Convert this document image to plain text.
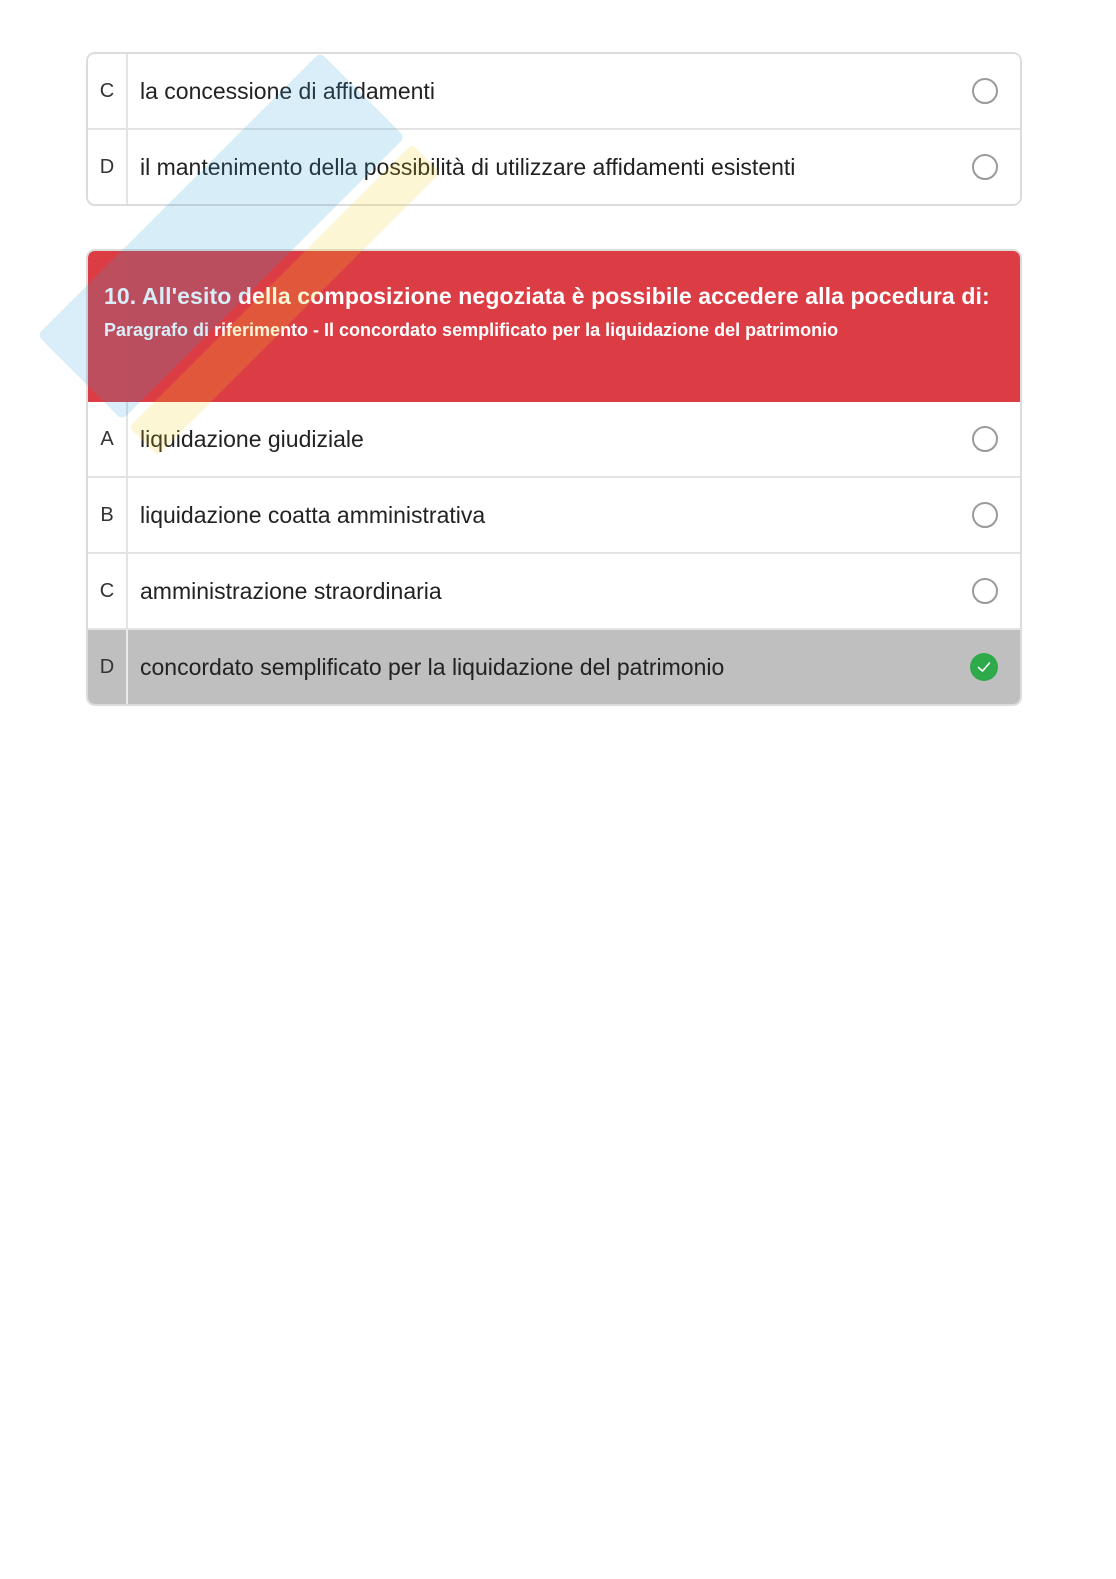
C	la concessione di affidamenti
D	il mantenimento della possibilità di utilizzare affidamenti esistenti

10. All'esito della composizione negoziata è possibile accedere alla pocedura di:

Paragrafo di riferimento - Il concordato semplificato per la liquidazione del patrimonio
A	liquidazione giudiziale
B	liquidazione coatta amministrativa
C	amministrazione straordinaria
D	concordato semplificato per la liquidazione del patrimonio
